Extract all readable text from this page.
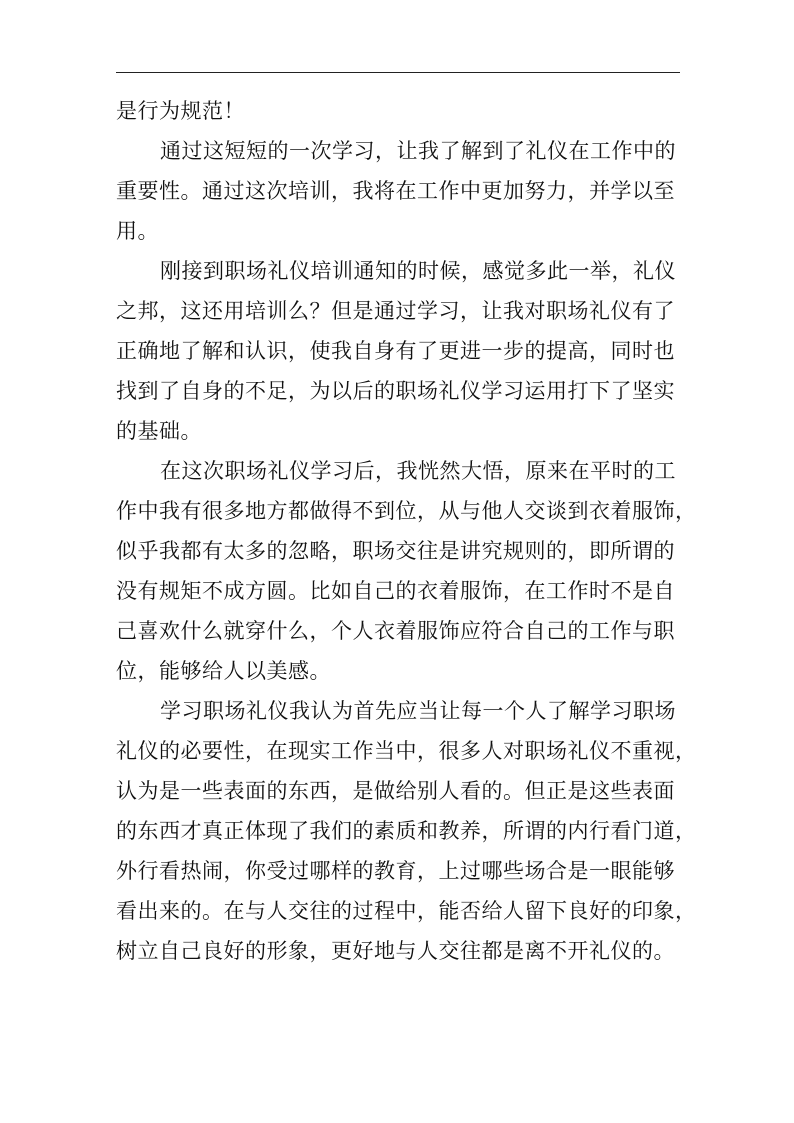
是行为规范！
通过这短短的一次学习，让我了解到了礼仪在工作中的
重要性。通过这次培训，我将在工作中更加努力，并学以至
用。
刚接到职场礼仪培训通知的时候，感觉多此一举，礼仪
之邦，这还用培训么？但是通过学习，让我对职场礼仪有了
正确地了解和认识，使我自身有了更进一步的提高，同时也
找到了自身的不足，为以后的职场礼仪学习运用打下了坚实
的基础。
在这次职场礼仪学习后，我恍然大悟，原来在平时的工
作中我有很多地方都做得不到位，从与他人交谈到衣着服饰，
似乎我都有太多的忽略，职场交往是讲究规则的，即所谓的
没有规矩不成方圆。比如自己的衣着服饰，在工作时不是自
己喜欢什么就穿什么，个人衣着服饰应符合自己的工作与职
位，能够给人以美感。
学习职场礼仪我认为首先应当让每一个人了解学习职场
礼仪的必要性，在现实工作当中，很多人对职场礼仪不重视，
认为是一些表面的东西，是做给别人看的。但正是这些表面
的东西才真正体现了我们的素质和教养，所谓的内行看门道，
外行看热闹，你受过哪样的教育，上过哪些场合是一眼能够
看出来的。在与人交往的过程中，能否给人留下良好的印象，
树立自己良好的形象，更好地与人交往都是离不开礼仪的。
